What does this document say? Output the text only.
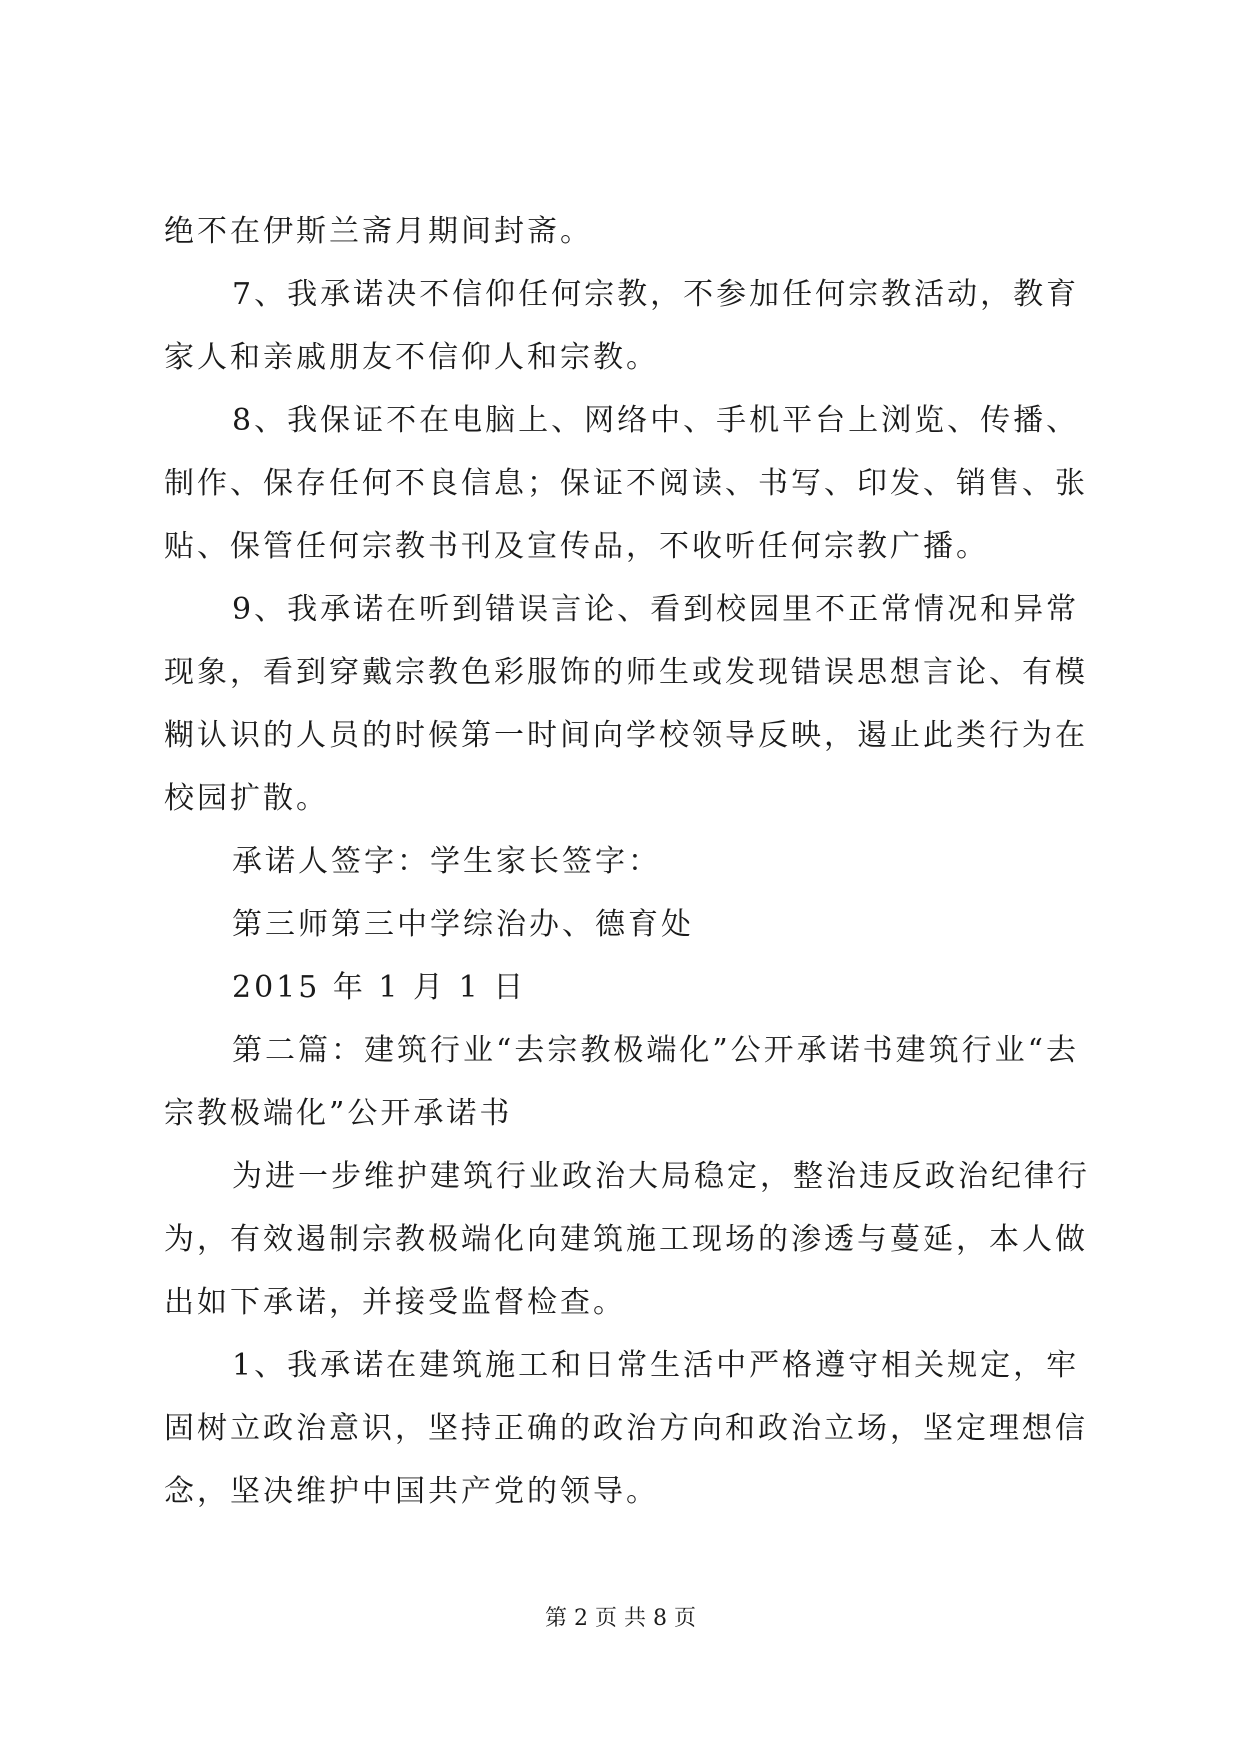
绝不在伊斯兰斋月期间封斋。
7、我承诺决不信仰任何宗教，不参加任何宗教活动，教育
家人和亲戚朋友不信仰人和宗教。
8、我保证不在电脑上、网络中、手机平台上浏览、传播、
制作、保存任何不良信息；保证不阅读、书写、印发、销售、张
贴、保管任何宗教书刊及宣传品，不收听任何宗教广播。
9、我承诺在听到错误言论、看到校园里不正常情况和异常
现象，看到穿戴宗教色彩服饰的师生或发现错误思想言论、有模
糊认识的人员的时候第一时间向学校领导反映，遏止此类行为在
校园扩散。
承诺人签字：学生家长签字：
第三师第三中学综治办、德育处
2015 年 1 月 1 日
第二篇：建筑行业“去宗教极端化”公开承诺书建筑行业“去
宗教极端化”公开承诺书
为进一步维护建筑行业政治大局稳定，整治违反政治纪律行
为，有效遏制宗教极端化向建筑施工现场的渗透与蔓延，本人做
出如下承诺，并接受监督检查。
1、我承诺在建筑施工和日常生活中严格遵守相关规定，牢
固树立政治意识，坚持正确的政治方向和政治立场，坚定理想信
念，坚决维护中国共产党的领导。
第 2 页 共 8 页
